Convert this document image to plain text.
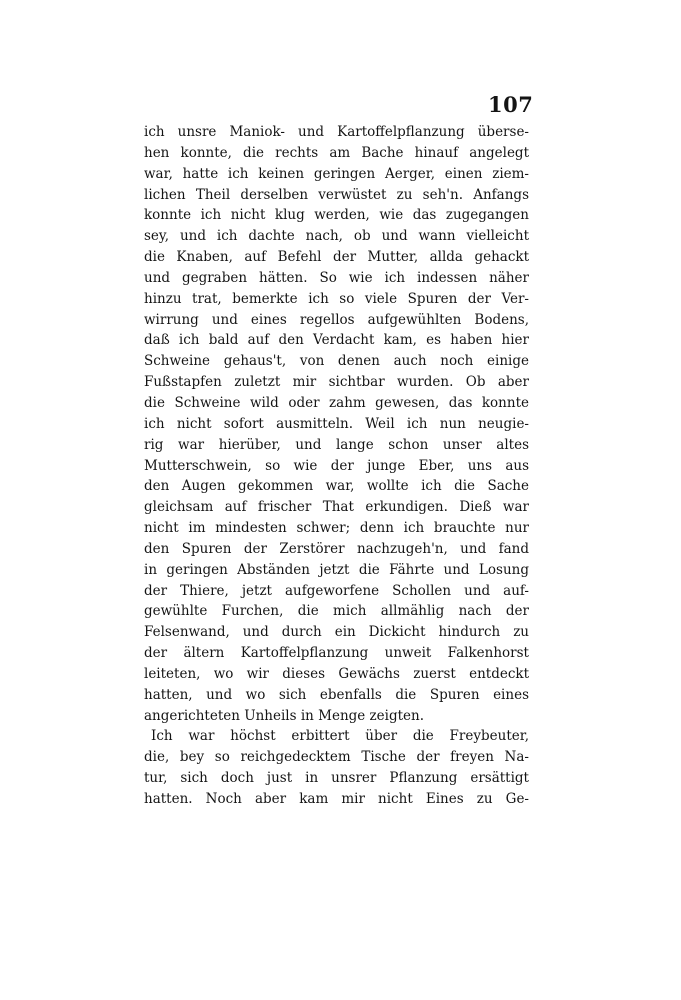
107
ich unsre Maniok- und Kartoffelpflanzung überse-
hen konnte, die rechts am Bache hinauf angelegt
war, hatte ich keinen geringen Aerger, einen ziem-
lichen Theil derselben verwüstet zu seh'n. Anfangs
konnte ich nicht klug werden, wie das zugegangen
sey, und ich dachte nach, ob und wann vielleicht
die Knaben, auf Befehl der Mutter, allda gehackt
und gegraben hätten. So wie ich indessen näher
hinzu trat, bemerkte ich so viele Spuren der Ver-
wirrung und eines regellos aufgewühlten Bodens,
daß ich bald auf den Verdacht kam, es haben hier
Schweine gehaus't, von denen auch noch einige
Fußstapfen zuletzt mir sichtbar wurden. Ob aber
die Schweine wild oder zahm gewesen, das konnte
ich nicht sofort ausmitteln. Weil ich nun neugie-
rig war hierüber, und lange schon unser altes
Mutterschwein, so wie der junge Eber, uns aus
den Augen gekommen war, wollte ich die Sache
gleichsam auf frischer That erkundigen. Dieß war
nicht im mindesten schwer; denn ich brauchte nur
den Spuren der Zerstörer nachzugeh'n, und fand
in geringen Abständen jetzt die Fährte und Losung
der Thiere, jetzt aufgeworfene Schollen und auf-
gewühlte Furchen, die mich allmählig nach der
Felsenwand, und durch ein Dickicht hindurch zu
der ältern Kartoffelpflanzung unweit Falkenhorst
leiteten, wo wir dieses Gewächs zuerst entdeckt
hatten, und wo sich ebenfalls die Spuren eines
angerichteten Unheils in Menge zeigten.
Ich war höchst erbittert über die Freybeuter,
die, bey so reichgedecktem Tische der freyen Na-
tur, sich doch just in unsrer Pflanzung ersättigt
hatten. Noch aber kam mir nicht Eines zu Ge-
